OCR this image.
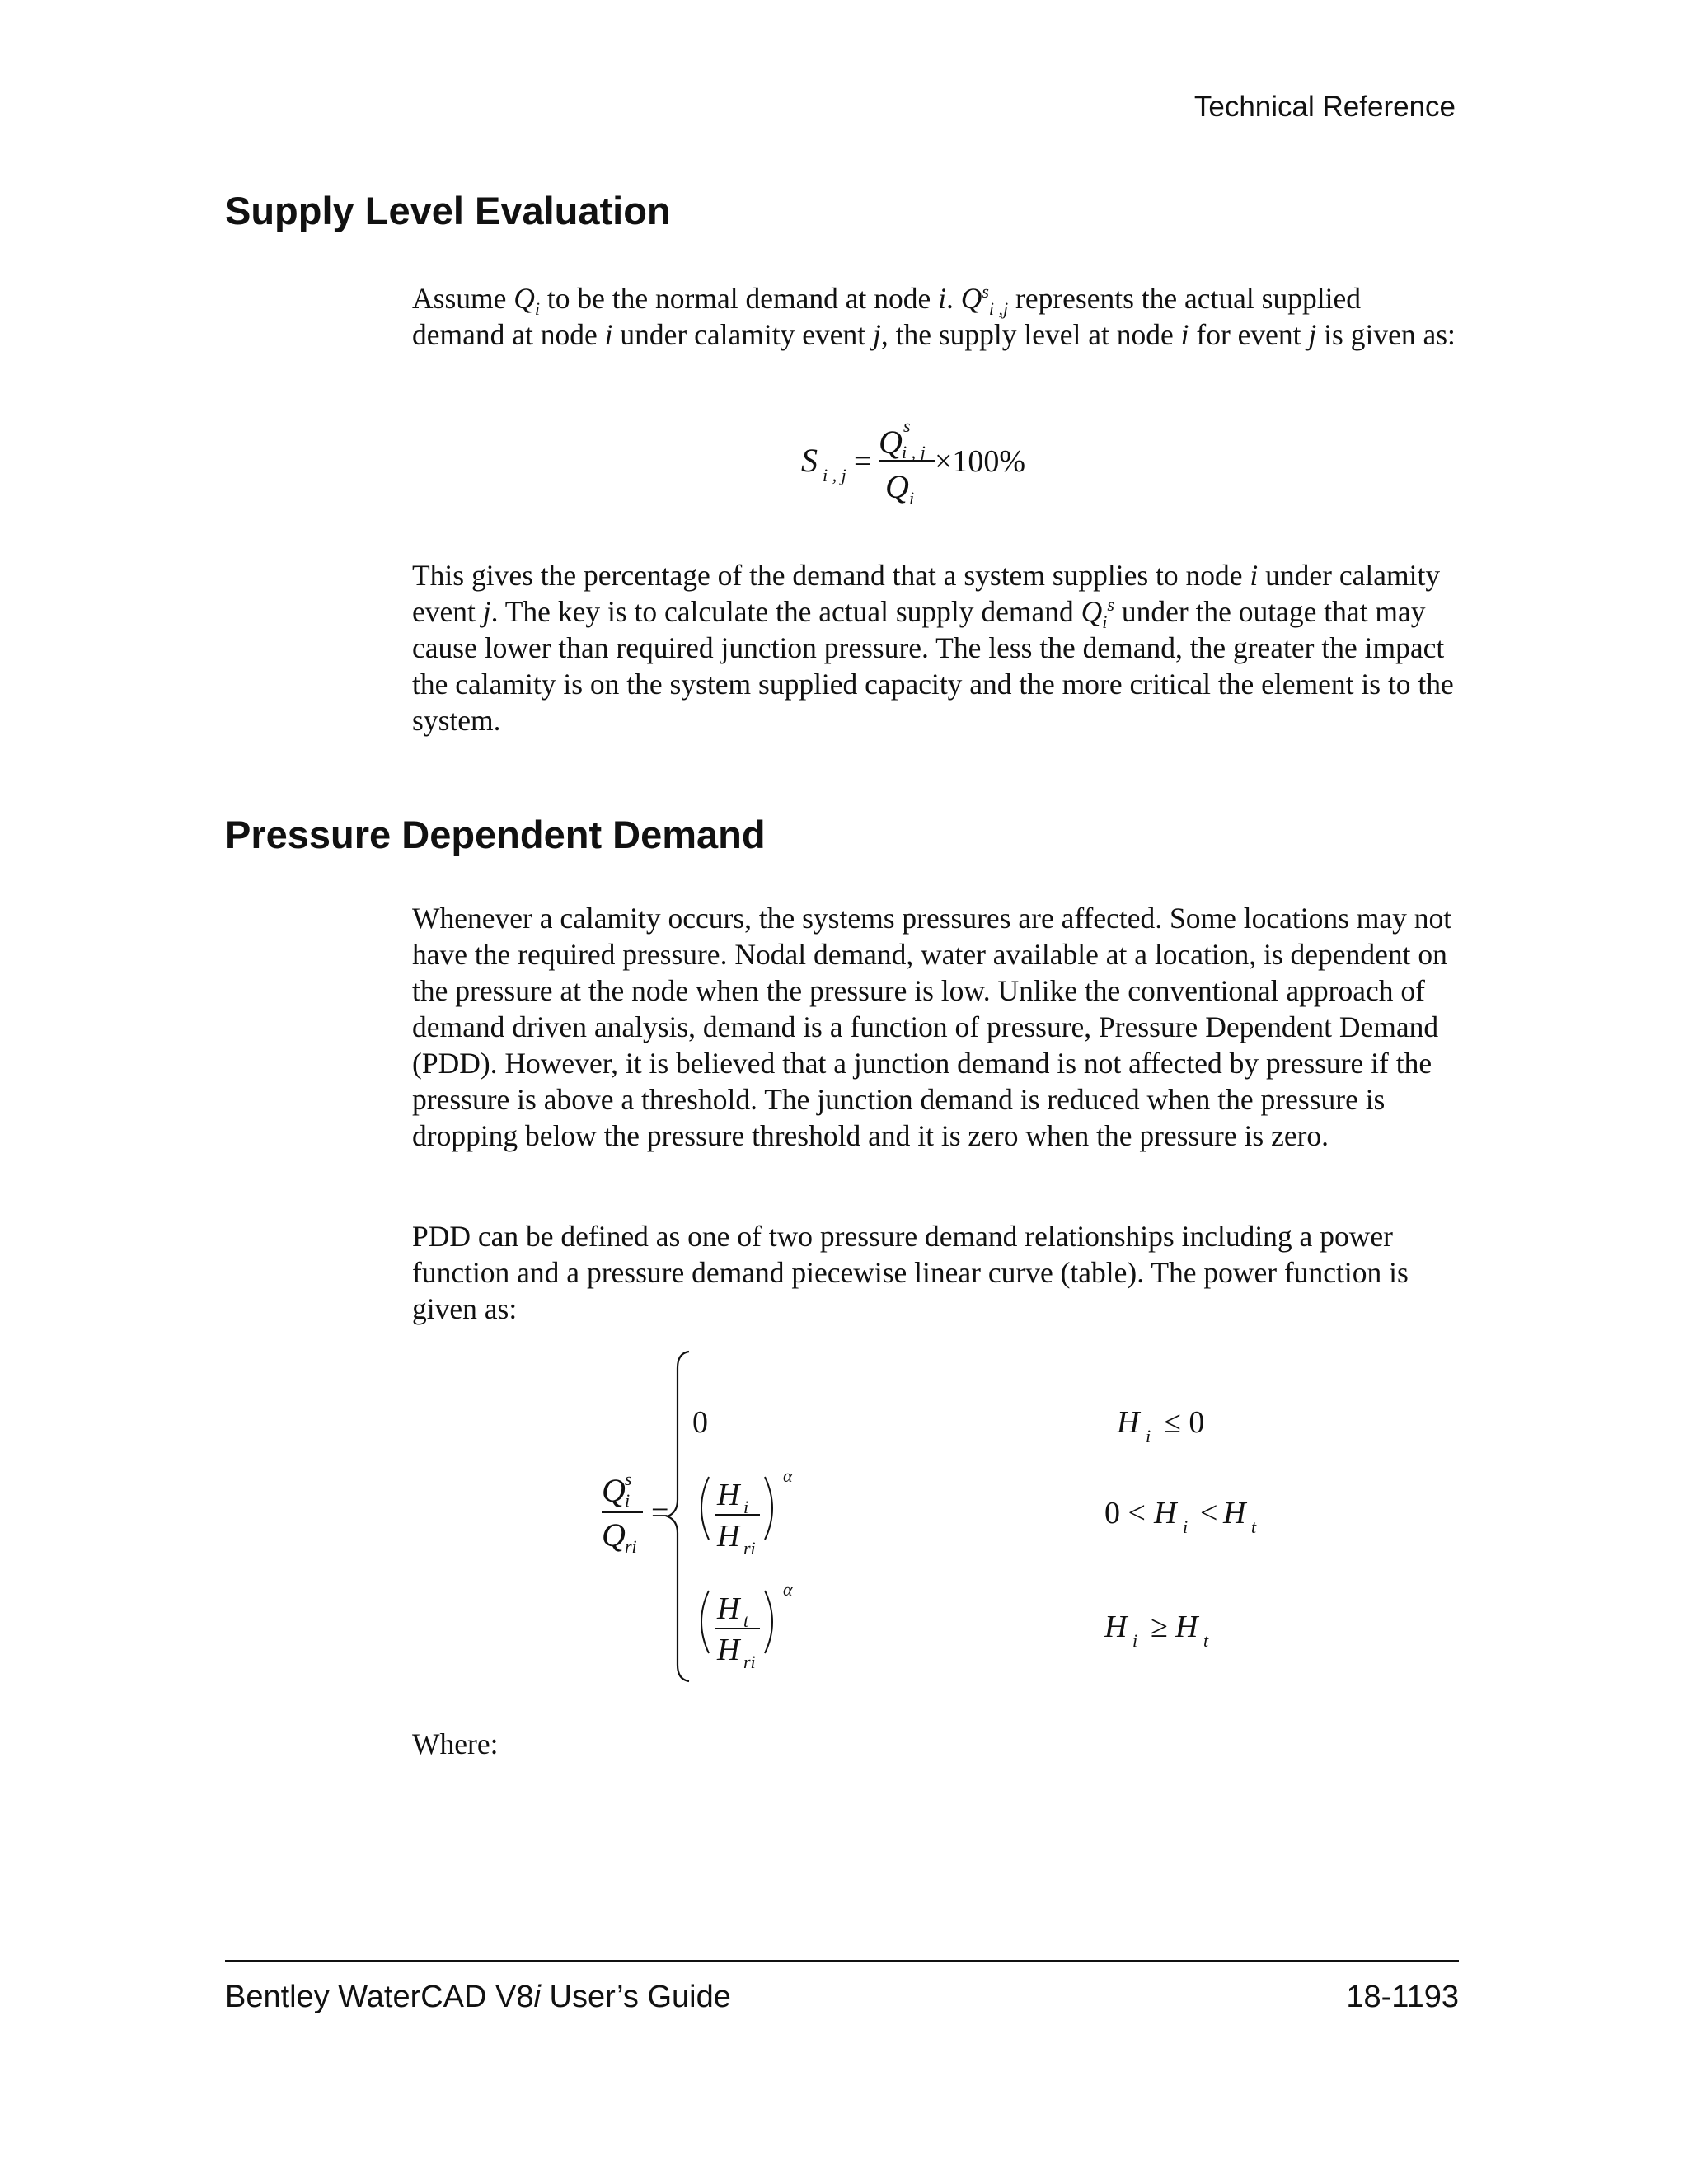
Technical Reference
Supply Level Evaluation

Assume $Q_i$ to be the normal demand at node i. $Q^s_{i ,j}$ represents the actual supplied demand at node i under calamity event j, the supply level at node i for event j is given as:

S i , j =
Q s
i , j
Q i
×100%

This gives the percentage of the demand that a system supplies to node i under calamity event j. The key is to calculate the actual supply demand $Q_i^s$ under the outage that may cause lower than required junction pressure. The less the demand, the greater the impact the calamity is on the system supplied capacity and the more critical the element is to the system.

Pressure Dependent Demand

Whenever a calamity occurs, the systems pressures are affected. Some locations may not have the required pressure. Nodal demand, water available at a location, is dependent on the pressure at the node when the pressure is low. Unlike the conventional approach of demand driven analysis, demand is a function of pressure, Pressure Dependent Demand (PDD). However, it is believed that a junction demand is not affected by pressure if the pressure is above a threshold. The junction demand is reduced when the pressure is dropping below the pressure threshold and it is zero when the pressure is zero.

PDD can be defined as one of two pressure demand relationships including a power function and a pressure demand piecewise linear curve (table). The power function is given as:

Q s
i
Q ri
=
0	H i ≤ 0
H i
H ri
α
0 < H i < H t
H t
H ri
α
H i ≥ H t

Where:

Bentley WaterCAD V8i User’s Guide	18-1193
